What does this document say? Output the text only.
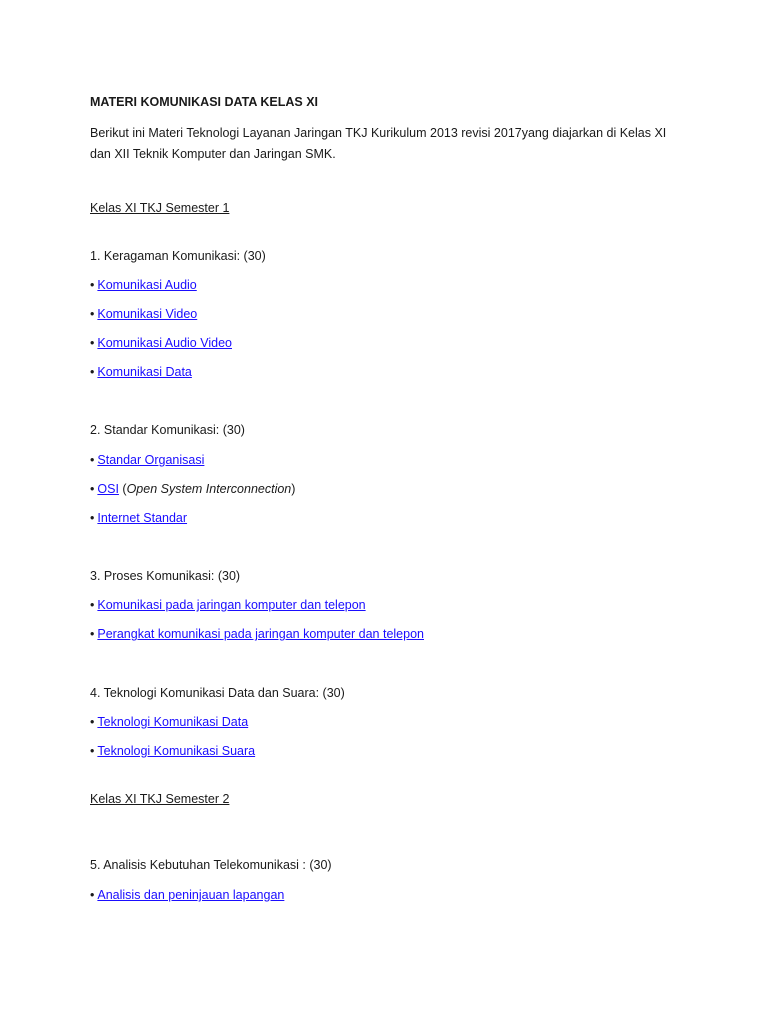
MATERI KOMUNIKASI DATA KELAS XI
Berikut ini Materi Teknologi Layanan Jaringan TKJ Kurikulum 2013 revisi 2017yang diajarkan di Kelas XI
dan XII Teknik Komputer dan Jaringan SMK.
Kelas XI TKJ Semester 1
1. Keragaman Komunikasi: (30)
• Komunikasi Audio
• Komunikasi Video
• Komunikasi Audio Video
• Komunikasi Data
2. Standar Komunikasi: (30)
• Standar Organisasi
• OSI (Open System Interconnection)
• Internet Standar
3. Proses Komunikasi: (30)
• Komunikasi pada jaringan komputer dan telepon
• Perangkat komunikasi pada jaringan komputer dan telepon
4. Teknologi Komunikasi Data dan Suara: (30)
• Teknologi Komunikasi Data
• Teknologi Komunikasi Suara
Kelas XI TKJ Semester 2
5. Analisis Kebutuhan Telekomunikasi : (30)
• Analisis dan peninjauan lapangan
